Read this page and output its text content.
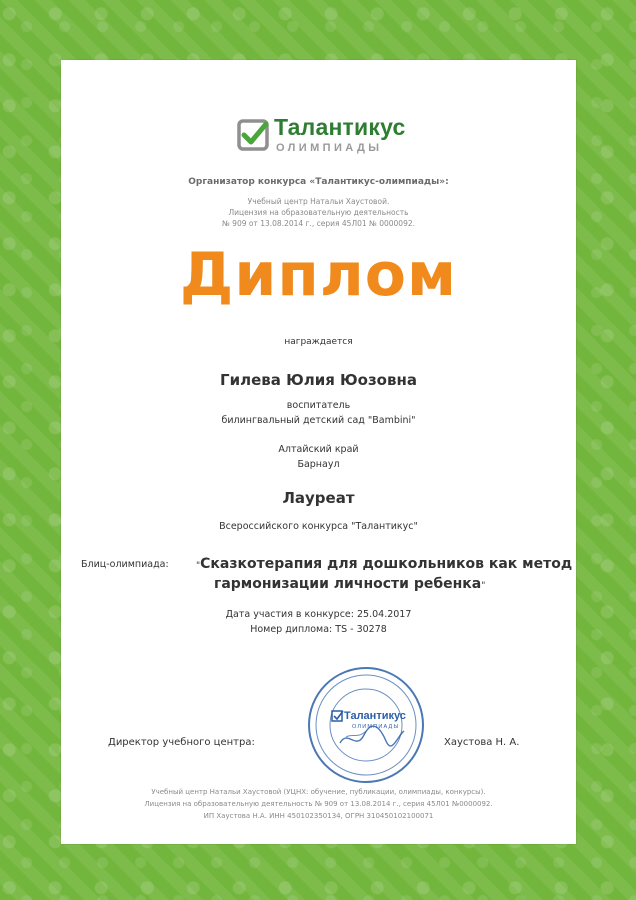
Талантикус
ОЛИМПИАДЫ
Организатор конкурса «Талантикус-олимпиады»:
Учебный центр Натальи Хаустовой.
Лицензия на образовательную деятельность
№ 909 от 13.08.2014 г., серия 45Л01 № 0000092.
Диплом
награждается
Гилева Юлия Юозовна
воспитатель
билингвальный детский сад "Bambini"
Алтайский край
Барнаул
Лауреат
Всероссийского конкурса "Талантикус"
Блиц-олимпиада:	"Сказкотерапия для дошкольников как метод
гармонизации личности ребенка"
Дата участия в конкурсе: 25.04.2017
Номер диплома: TS - 30278
Талантикус
ОЛИМПИАДЫ
Директор учебного центра:	Хаустова Н. А.
Учебный центр Натальи Хаустовой (УЦНХ: обучение, публикации, олимпиады, конкурсы).
Лицензия на образовательную деятельность № 909 от 13.08.2014 г., серия 45Л01 №0000092.
ИП Хаустова Н.А. ИНН 450102350134, ОГРН 310450102100071
